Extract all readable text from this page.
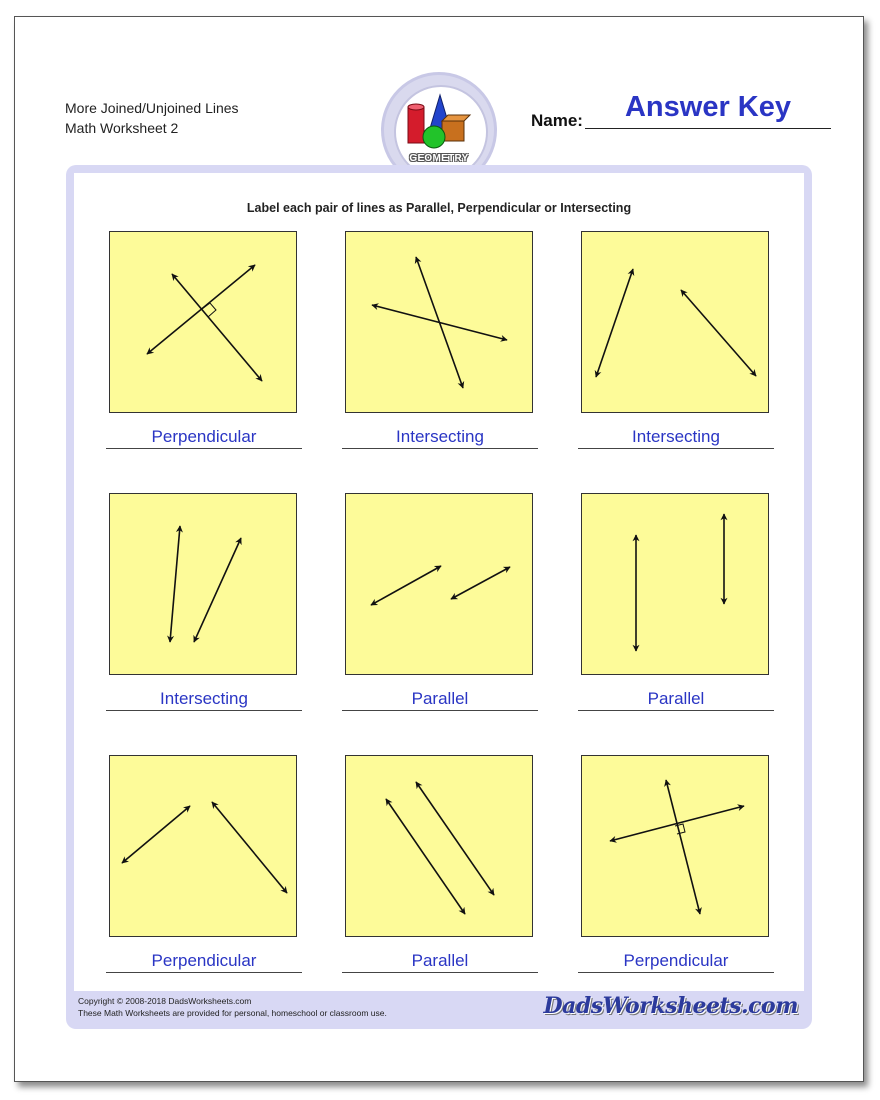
More Joined/Unjoined Lines
Math Worksheet 2
GEOMETRY
Name:	Answer Key
Label each pair of lines as Parallel, Perpendicular or Intersecting
Perpendicular	Intersecting	Intersecting
Intersecting	Parallel	Parallel
Perpendicular	Parallel	Perpendicular
Copyright © 2008-2018 DadsWorksheets.com
These Math Worksheets are provided for personal, homeschool or classroom use.	DadsWorksheets.com
